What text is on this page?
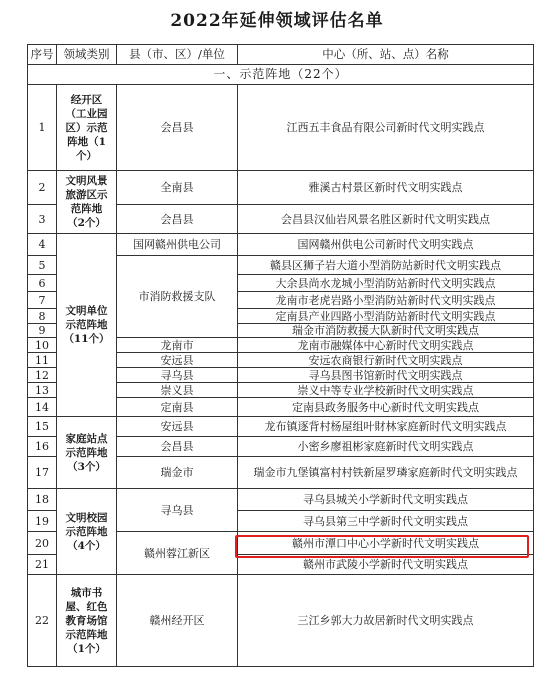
2022年延伸领域评估名单
序号	领域类别	县（市、区）/单位	中心（所、站、点）名称
一、示范阵地（22个）			
1	经开区（工业园区）示范阵地（1个）	会昌县	江西五丰食品有限公司新时代文明实践点
2	文明风景旅游区示范阵地（2个）	全南县	雅溪古村景区新时代文明实践点
3		会昌县	会昌县汉仙岩风景名胜区新时代文明实践点
4	文明单位示范阵地（11个）	国网赣州供电公司	国网赣州供电公司新时代文明实践点
5		市消防救援支队	赣县区狮子岩大道小型消防站新时代文明实践点
6			大余县尚水龙城小型消防站新时代文明实践点
7			龙南市老虎岩路小型消防站新时代文明实践点
8			定南县产业四路小型消防站新时代文明实践点
9			瑞金市消防救援大队新时代文明实践点
10		龙南市	龙南市融媒体中心新时代文明实践点
11		安远县	安远农商银行新时代文明实践点
12		寻乌县	寻乌县图书馆新时代文明实践点
13		崇义县	崇义中等专业学校新时代文明实践点
14		定南县	定南县政务服务中心新时代文明实践点
15	家庭站点示范阵地（3个）	安远县	龙布镇逐背村杨屋组叶財林家庭新时代文明实践点
16		会昌县	小密乡廖祖彬家庭新时代文明实践点
17		瑞金市	瑞金市九堡镇富村村铁新屋罗璘家庭新时代文明实践点
18	文明校园示范阵地（4个）	寻乌县	寻乌县城关小学新时代文明实践点
19			寻乌县第三中学新时代文明实践点
20		赣州蓉江新区	赣州市潭口中心小学新时代文明实践点
21			赣州市武陵小学新时代文明实践点
22	城市书屋、红色教育场馆示范阵地（1个）	赣州经开区	三江乡郭大力故居新时代文明实践点
